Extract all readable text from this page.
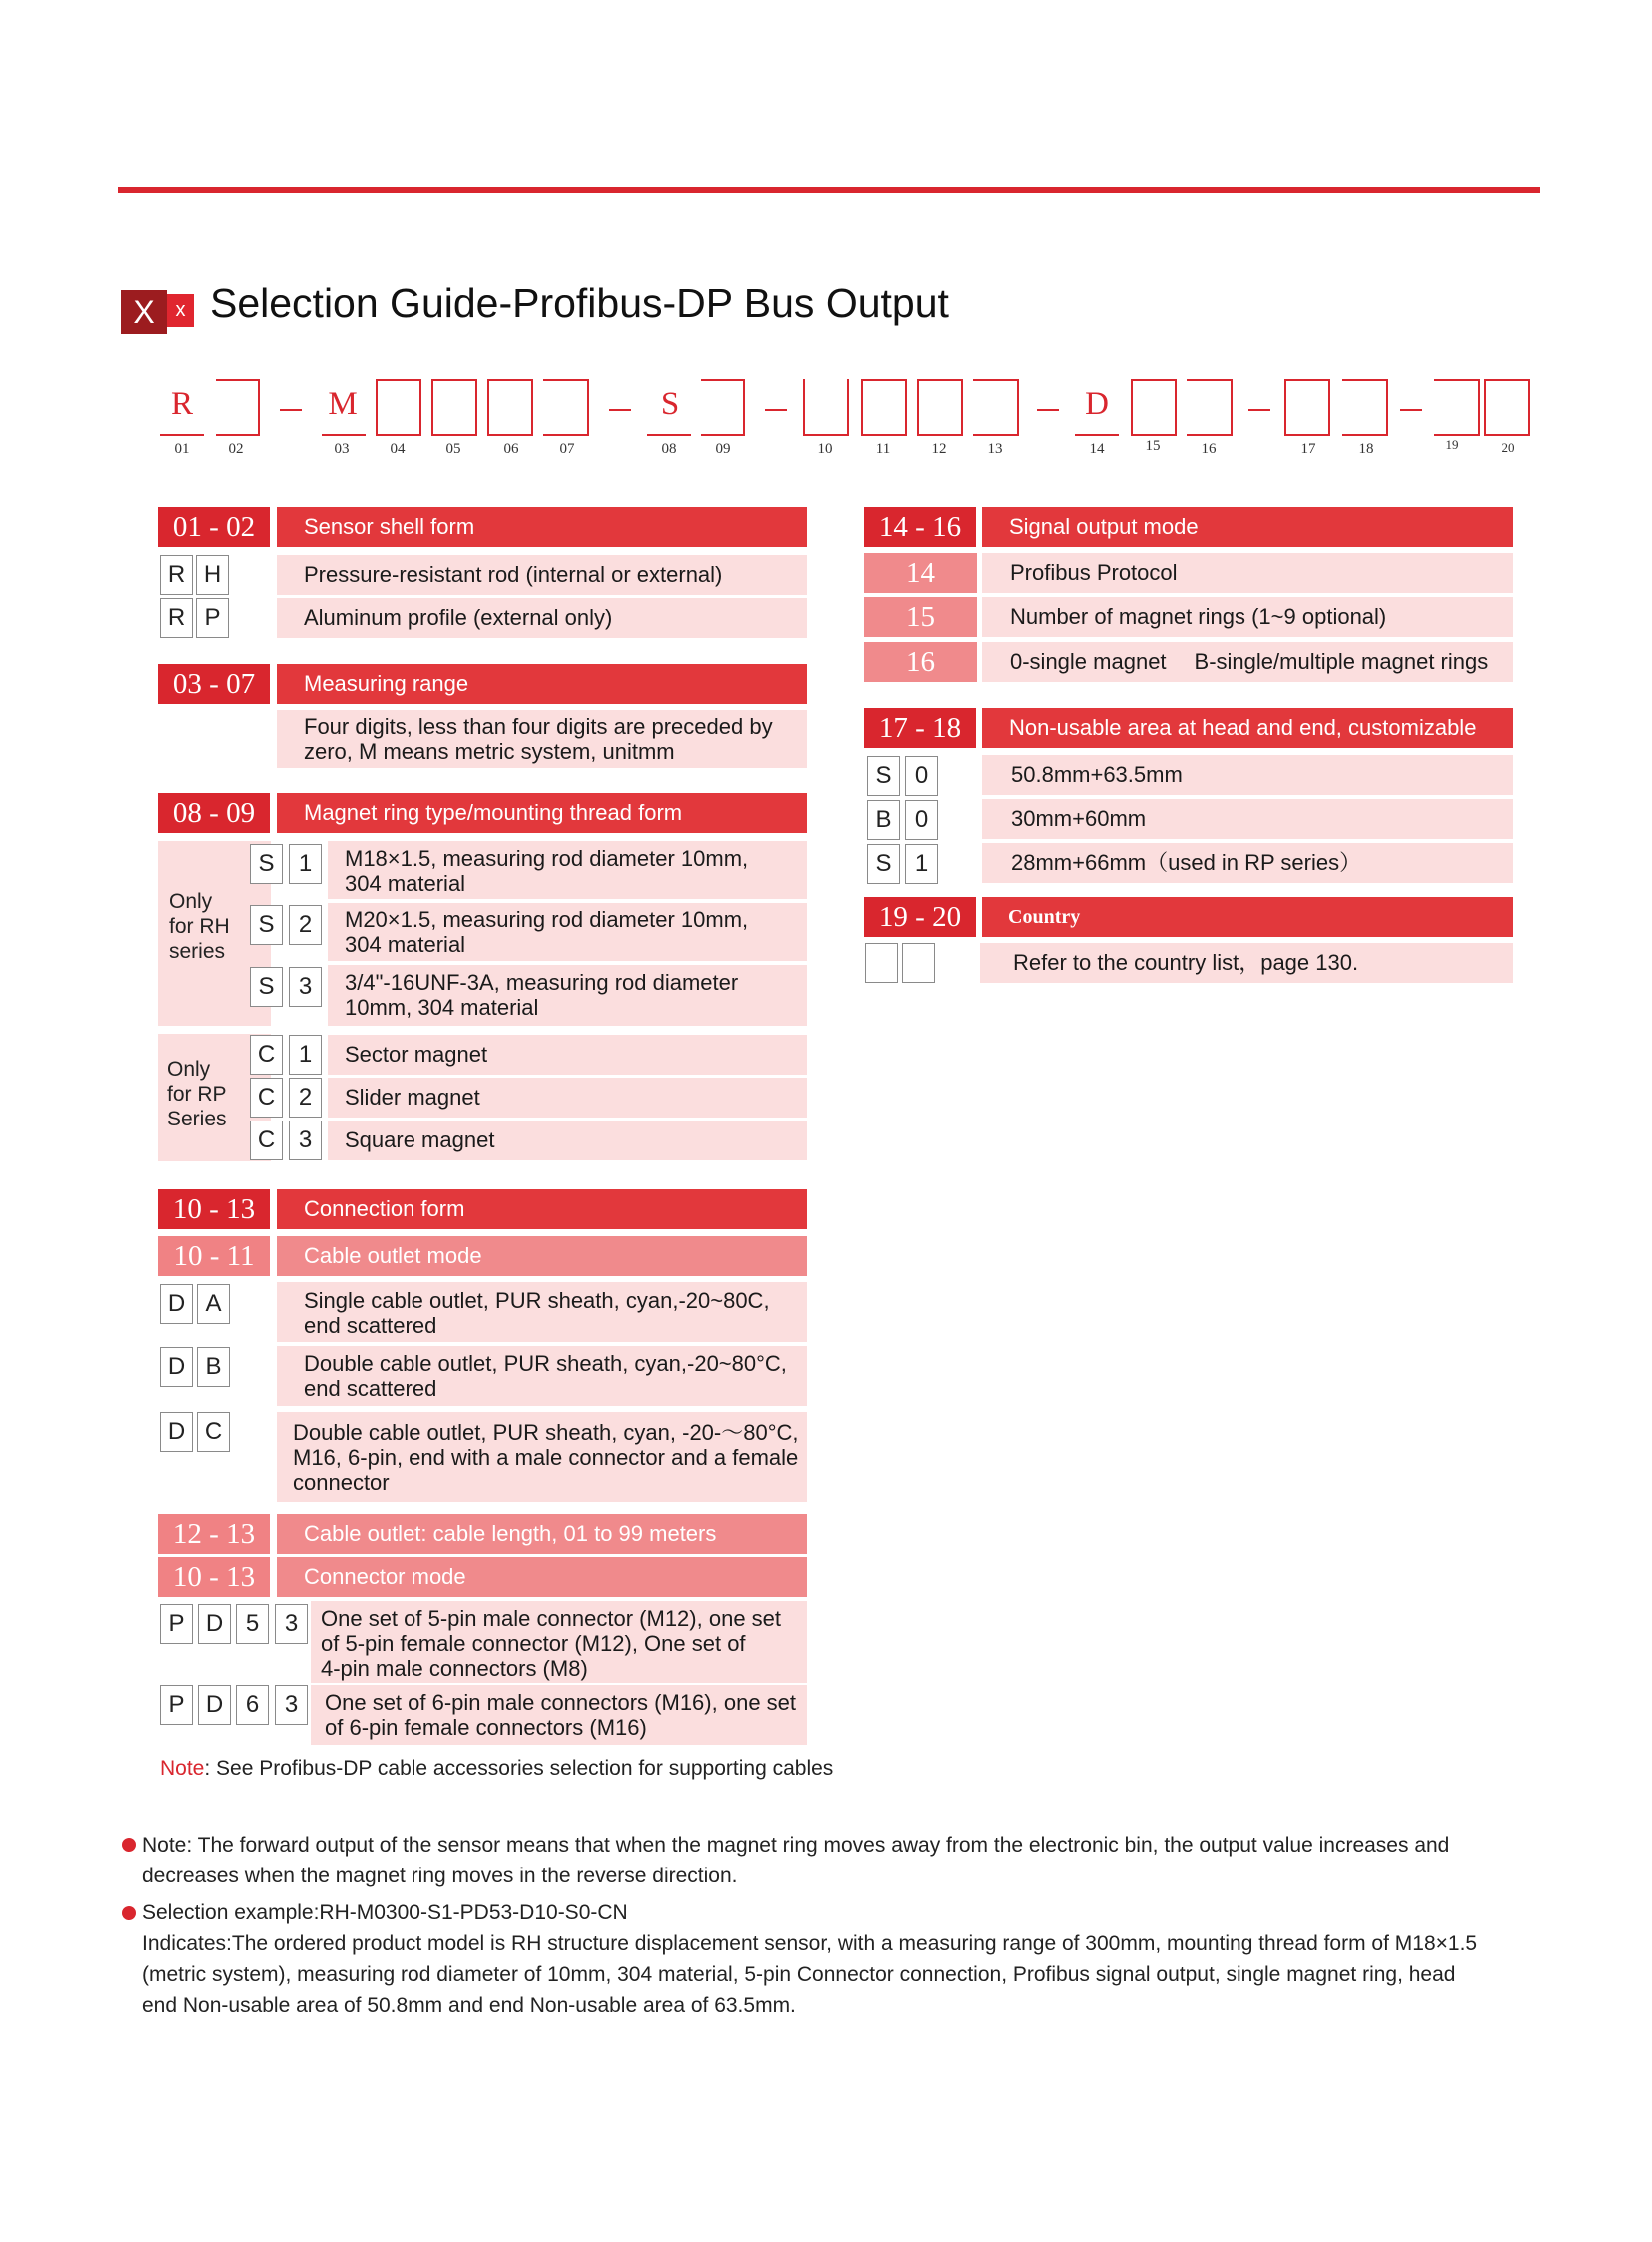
X	x Selection Guide-Profibus-DP Bus Output
R	M	S	D
01	02	03	04	05	06	07	08	09	10	11	12	13	14	15	16	17	18	19	20
01 - 02	Sensor shell form
R H	Pressure-resistant rod (internal or external)
R P	Aluminum profile (external only)
03 - 07	Measuring range
Four digits, less than four digits are preceded by
zero, M means metric system, unitmm
08 - 09	Magnet ring type/mounting thread form
Only
for RH
series
S	1	M18×1.5, measuring rod diameter 10mm,
304 material
S	2	M20×1.5, measuring rod diameter 10mm,
304 material
S	3	3/4"-16UNF-3A, measuring rod diameter
10mm, 304 material
Only
for RP
Series
C 1	Sector magnet
C 2	Slider magnet
C 3	Square magnet
10 - 13	Connection form
10 - 11	Cable outlet mode
D A	Single cable outlet, PUR sheath, cyan,-20~80C,
end scattered
D B	Double cable outlet, PUR sheath, cyan,-20~80°C,
end scattered
D C	Double cable outlet, PUR sheath, cyan, -20-～80°C,
M16, 6-pin, end with a male connector and a female
connector
12 - 13	Cable outlet: cable length, 01 to 99 meters
10 - 13	Connector mode
P D 5	3	One set of 5-pin male connector (M12), one set
of 5-pin female connector (M12), One set of
4-pin male connectors (M8)
P D 6	3	One set of 6-pin male connectors (M16), one set
of 6-pin female connectors (M16)
Note: See Profibus-DP cable accessories selection for supporting cables
14 - 16	Signal output mode
14	Profibus Protocol
15	Number of magnet rings (1~9 optional)
16	0-single magnet B-single/multiple magnet rings
17 - 18	Non-usable area at head and end, customizable
S 0	50.8mm+63.5mm
B 0	30mm+60mm
S 1	28mm+66mm（used in RP series）
19 - 20	Country
Refer to the country list，page 130.
Note: The forward output of the sensor means that when the magnet ring moves away from the electronic bin, the output value increases and
decreases when the magnet ring moves in the reverse direction.
Selection example:RH-M0300-S1-PD53-D10-S0-CN
Indicates:The ordered product model is RH structure displacement sensor, with a measuring range of 300mm, mounting thread form of M18×1.5
(metric system), measuring rod diameter of 10mm, 304 material, 5-pin Connector connection, Profibus signal output, single magnet ring, head
end Non-usable area of 50.8mm and end Non-usable area of 63.5mm.
